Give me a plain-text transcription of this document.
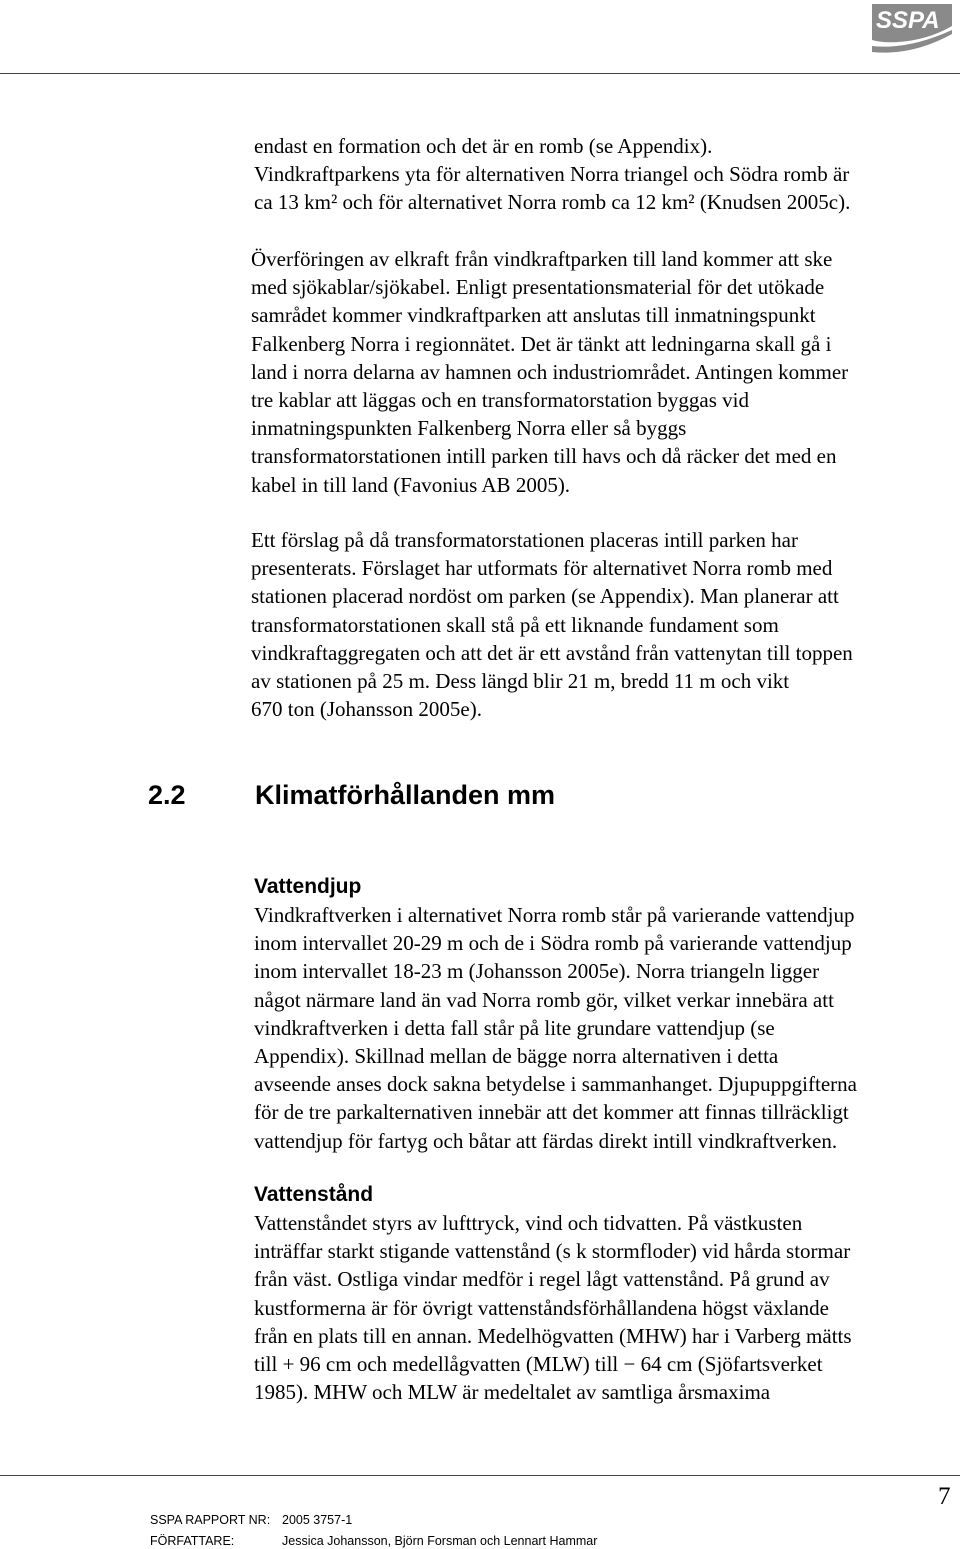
SSPA
endast en formation och det är en romb (se Appendix).
Vindkraftparkens yta för alternativen Norra triangel och Södra romb är
ca 13 km² och för alternativet Norra romb ca 12 km² (Knudsen 2005c).
Överföringen av elkraft från vindkraftparken till land kommer att ske
med sjökablar/sjökabel. Enligt presentationsmaterial för det utökade
samrådet kommer vindkraftparken att anslutas till inmatningspunkt
Falkenberg Norra i regionnätet. Det är tänkt att ledningarna skall gå i
land i norra delarna av hamnen och industriområdet. Antingen kommer
tre kablar att läggas och en transformatorstation byggas vid
inmatningspunkten Falkenberg Norra eller så byggs
transformatorstationen intill parken till havs och då räcker det med en
kabel in till land (Favonius AB 2005).
Ett förslag på då transformatorstationen placeras intill parken har
presenterats. Förslaget har utformats för alternativet Norra romb med
stationen placerad nordöst om parken (se Appendix). Man planerar att
transformatorstationen skall stå på ett liknande fundament som
vindkraftaggregaten och att det är ett avstånd från vattenytan till toppen
av stationen på 25 m. Dess längd blir 21 m, bredd 11 m och vikt
670 ton (Johansson 2005e).
2.2	Klimatförhållanden mm
Vattendjup
Vindkraftverken i alternativet Norra romb står på varierande vattendjup
inom intervallet 20-29 m och de i Södra romb på varierande vattendjup
inom intervallet 18-23 m (Johansson 2005e). Norra triangeln ligger
något närmare land än vad Norra romb gör, vilket verkar innebära att
vindkraftverken i detta fall står på lite grundare vattendjup (se
Appendix). Skillnad mellan de bägge norra alternativen i detta
avseende anses dock sakna betydelse i sammanhanget. Djupuppgifterna
för de tre parkalternativen innebär att det kommer att finnas tillräckligt
vattendjup för fartyg och båtar att färdas direkt intill vindkraftverken.
Vattenstånd
Vattenståndet styrs av lufttryck, vind och tidvatten. På västkusten
inträffar starkt stigande vattenstånd (s k stormfloder) vid hårda stormar
från väst. Ostliga vindar medför i regel lågt vattenstånd. På grund av
kustformerna är för övrigt vattenståndsförhållandena högst växlande
från en plats till en annan. Medelhögvatten (MHW) har i Varberg mätts
till + 96 cm och medellågvatten (MLW) till − 64 cm (Sjöfartsverket
1985). MHW och MLW är medeltalet av samtliga årsmaxima
7
SSPA RAPPORT NR: 2005 3757-1
FÖRFATTARE:	Jessica Johansson, Björn Forsman och Lennart Hammar
